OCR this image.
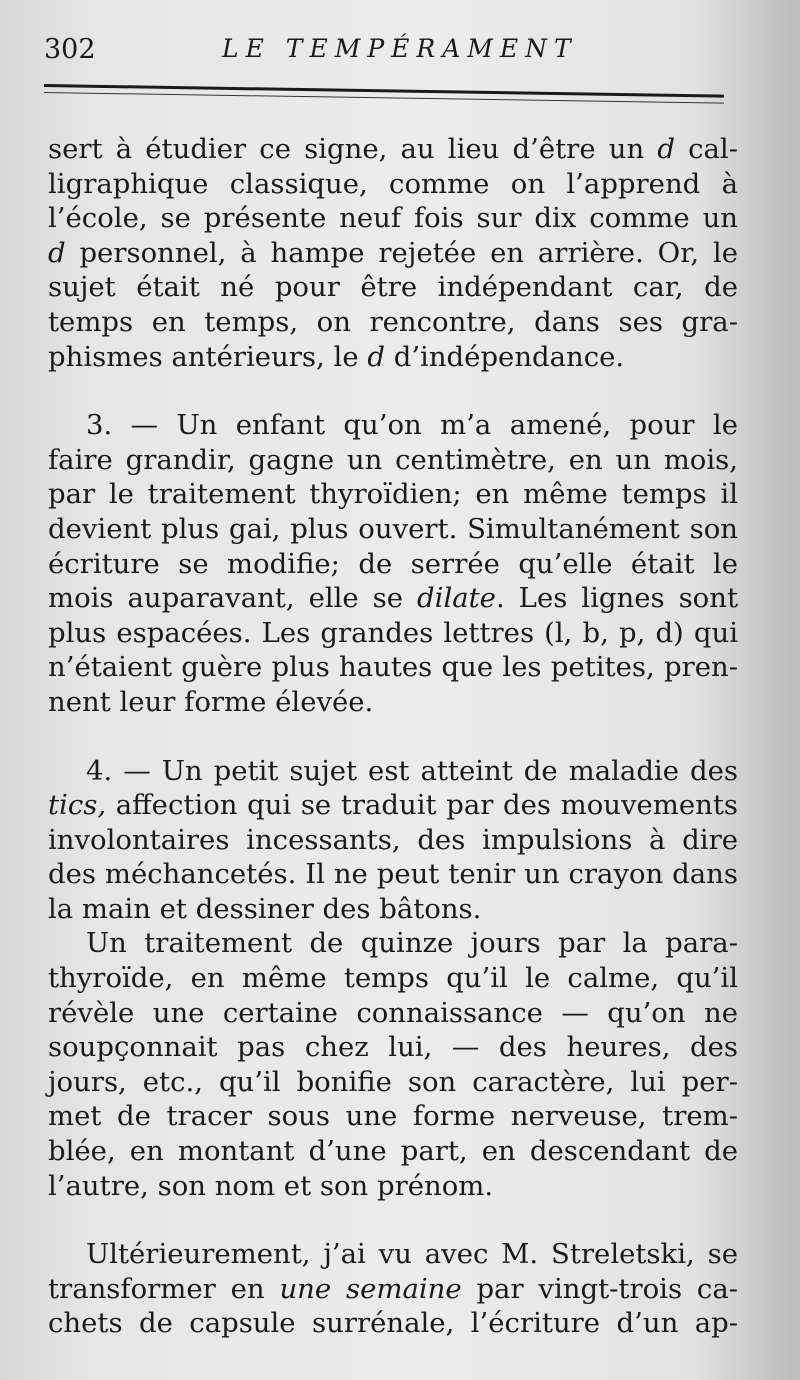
302	LE TEMPÉRAMENT
sert à étudier ce signe, au lieu d’être un d cal-
ligraphique classique, comme on l’apprend à
l’école, se présente neuf fois sur dix comme un
d personnel, à hampe rejetée en arrière. Or, le
sujet était né pour être indépendant car, de
temps en temps, on rencontre, dans ses gra-
phismes antérieurs, le d d’indépendance.
3. — Un enfant qu’on m’a amené, pour le
faire grandir, gagne un centimètre, en un mois,
par le traitement thyroïdien; en même temps il
devient plus gai, plus ouvert. Simultanément son
écriture se modifie; de serrée qu’elle était le
mois auparavant, elle se dilate. Les lignes sont
plus espacées. Les grandes lettres (l, b, p, d) qui
n’étaient guère plus hautes que les petites, pren-
nent leur forme élevée.
4. — Un petit sujet est atteint de maladie des
tics, affection qui se traduit par des mouvements
involontaires incessants, des impulsions à dire
des méchancetés. Il ne peut tenir un crayon dans
la main et dessiner des bâtons.
Un traitement de quinze jours par la para-
thyroïde, en même temps qu’il le calme, qu’il
révèle une certaine connaissance — qu’on ne
soupçonnait pas chez lui, — des heures, des
jours, etc., qu’il bonifie son caractère, lui per-
met de tracer sous une forme nerveuse, trem-
blée, en montant d’une part, en descendant de
l’autre, son nom et son prénom.
Ultérieurement, j’ai vu avec M. Streletski, se
transformer en une semaine par vingt-trois ca-
chets de capsule surrénale, l’écriture d’un ap-
